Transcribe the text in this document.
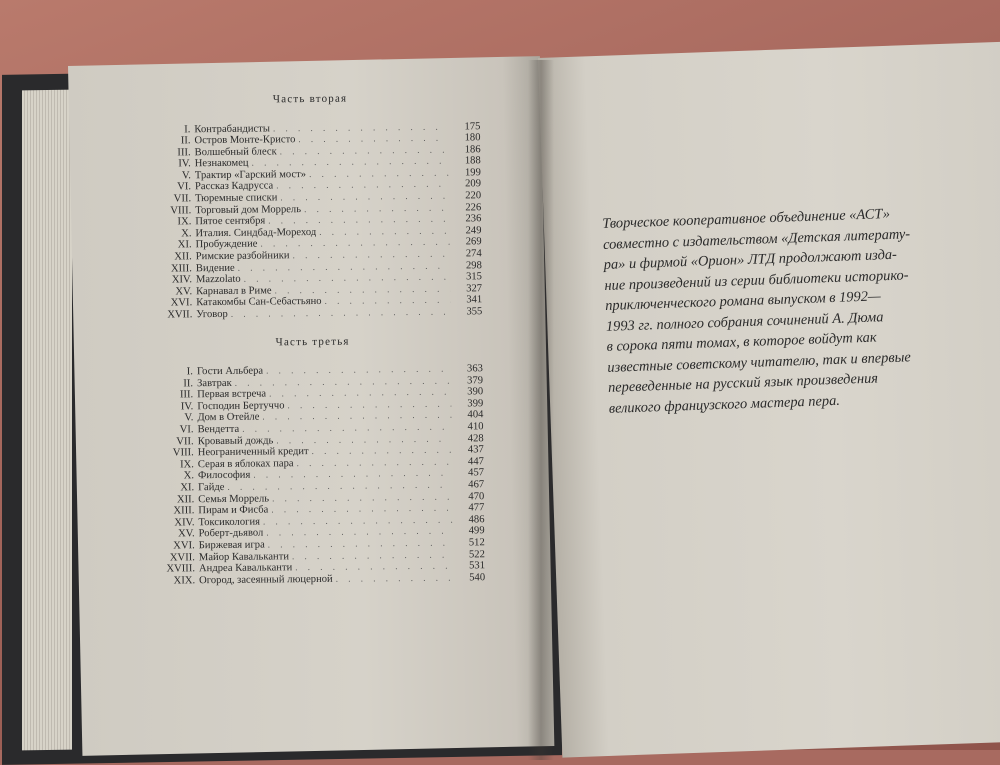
Часть вторая
I. Контрабандисты . . .	175
II. Остров Монте-Кристо . . .	180
III. Волшебный блеск . . .	186
IV. Незнакомец . . .	188
V. Трактир «Гарский мост» . . .	199
VI. Рассказ Кадрусса . . .	209
VII. Тюремные списки . . .	220
VIII. Торговый дом Моррель . . .	226
IX. Пятое сентября . . .	236
X. Италия. Синдбад-Мореход . . .	249
XI. Пробуждение . . .	269
XII. Римские разбойники . . .	274
XIII. Видение . . .	298
XIV. Mazzolato . . .	315
XV. Карнавал в Риме . . .	327
XVI. Катакомбы Сан-Себастьяно . . .	341
XVII. Уговор . . .	355
Часть третья
I. Гости Альбера . . .	363
II. Завтрак . . .	379
III. Первая встреча . . .	390
IV. Господин Бертуччо . . .	399
V. Дом в Отейле . . .	404
VI. Вендетта . . .	410
VII. Кровавый дождь . . .	428
VIII. Неограниченный кредит . . .	437
IX. Серая в яблоках пара . . .	447
X. Философия . . .	457
XI. Гайде . . .	467
XII. Семья Моррель . . .	470
XIII. Пирам и Фисба . . .	477
XIV. Токсикология . . .	486
XV. Роберт-дьявол . . .	499
XVI. Биржевая игра . . .	512
XVII. Майор Кавальканти . . .	522
XVIII. Андреа Кавальканти . . .	531
XIX. Огород, засеянный люцерной . . .	540
Творческое кооперативное объединение «АСТ»
совместно с издательством «Детская литерату-
ра» и фирмой «Орион» ЛТД продолжают изда-
ние произведений из серии библиотеки историко-
приключенческого романа выпуском в 1992—
1993 гг. полного собрания сочинений А. Дюма
в сорока пяти томах, в которое войдут как
известные советскому читателю, так и впервые
переведенные на русский язык произведения
великого французского мастера пера.
